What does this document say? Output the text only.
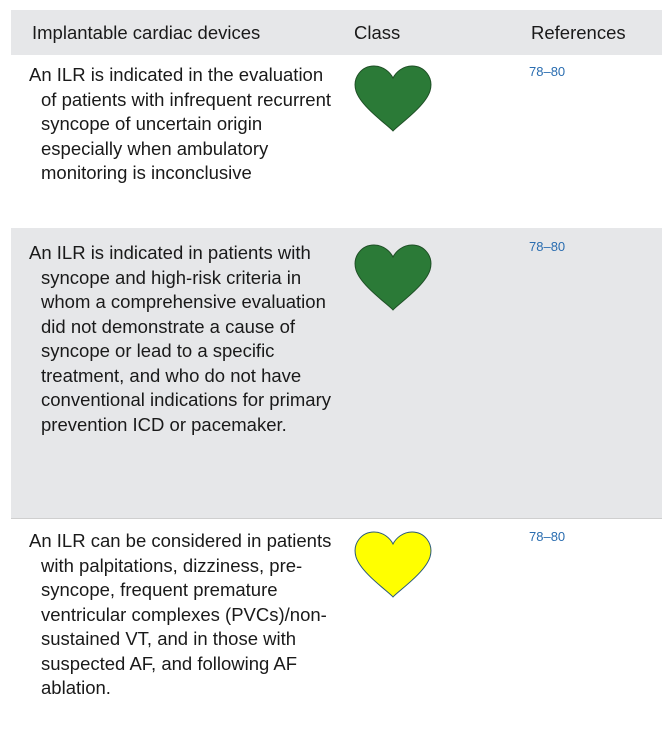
Implantable cardiac devices	Class	References
An ILR is indicated in the evaluation of patients with infrequent recurrent syncope of uncertain origin especially when ambulatory monitoring is inconclusive
78–80
An ILR is indicated in patients with syncope and high-risk criteria in whom a comprehensive evaluation did not demonstrate a cause of syncope or lead to a specific treatment, and who do not have conventional indications for primary prevention ICD or pacemaker.
78–80
An ILR can be considered in patients with palpitations, dizziness, pre-syncope, frequent premature ventricular complexes (PVCs)/non-sustained VT, and in those with suspected AF, and following AF ablation.
78–80
